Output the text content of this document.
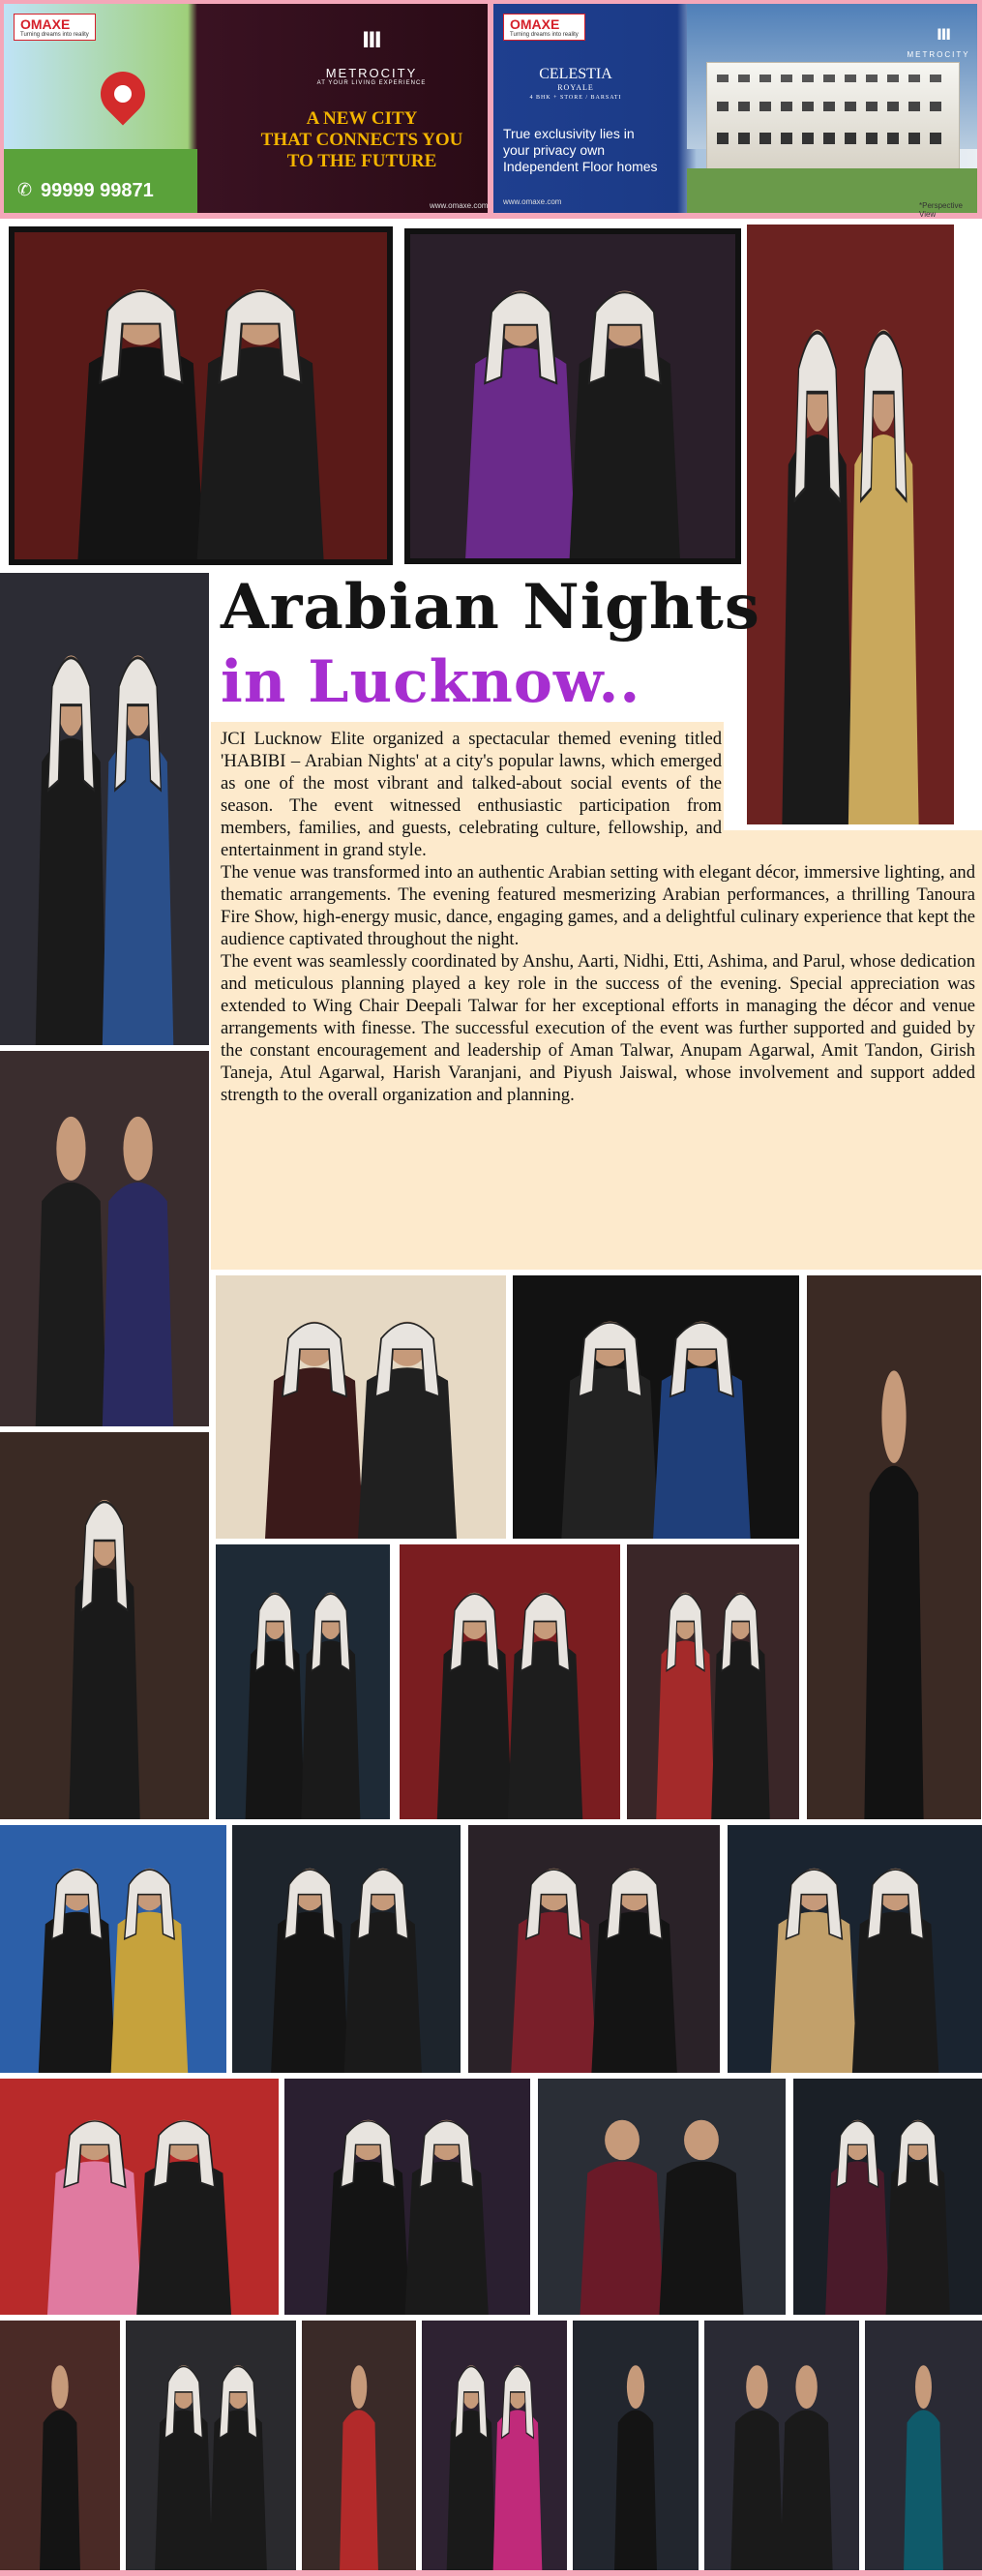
OMAXE
Turning dreams into reality
✆ 99999 99871
Ⅲ
METROCITY
AT YOUR LIVING EXPERIENCE
A NEW CITY
THAT CONNECTS YOU
TO THE FUTURE
www.omaxe.com
OMAXE
Turning dreams into reality
CELESTIA
ROYALE
4 BHK + STORE / BARSATI
True exclusivity lies in
your privacy own
Independent Floor homes
www.omaxe.com
Ⅲ
METROCITY
*Perspective View
Arabian Nights
in Lucknow..

JCI Lucknow Elite organized a spectacular themed evening titled 'HABIBI – Arabian Nights' at a city's popular lawns, which emerged as one of the most vibrant and talked-about social events of the season. The event witnessed enthusiastic participation from members, families, and guests, celebrating culture, fellowship, and entertainment in grand style.

The venue was transformed into an authentic Arabian setting with elegant décor, immersive lighting, and thematic arrangements. The evening featured mesmerizing Arabian performances, a thrilling Tanoura Fire Show, high-energy music, dance, engaging games, and a delightful culinary experience that kept the audience captivated throughout the night.

The event was seamlessly coordinated by Anshu, Aarti, Nidhi, Etti, Ashima, and Parul, whose dedication and meticulous planning played a key role in the success of the evening. Special appreciation was extended to Wing Chair Deepali Talwar for her exceptional efforts in managing the décor and venue arrangements with finesse. The successful execution of the event was further supported and guided by the constant encouragement and leadership of Aman Talwar, Anupam Agarwal, Amit Tandon, Girish Taneja, Atul Agarwal, Harish Varanjani, and Piyush Jaiswal, whose involvement and support added strength to the overall organization and planning.
